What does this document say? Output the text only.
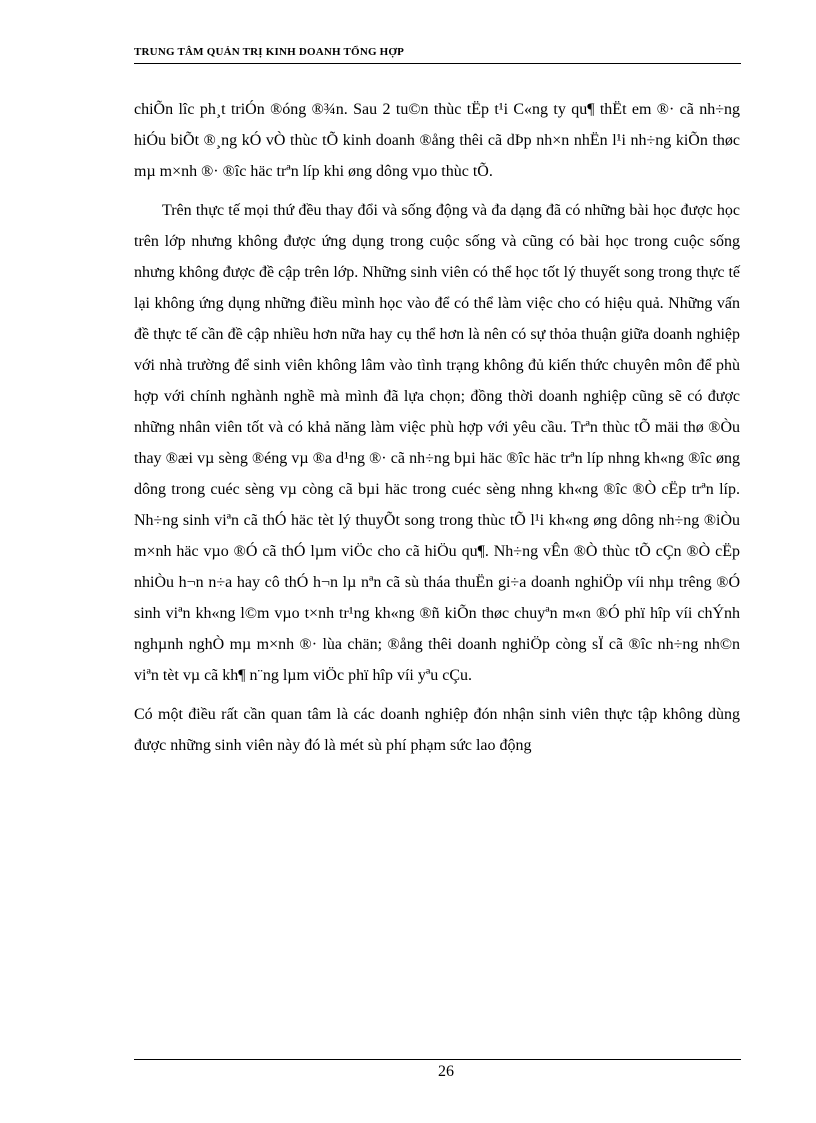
TRUNG TÂM QUẢN TRỊ KINH DOANH TỔNG HỢP

chiÕn lîc ph¸t triÓn ®óng ®¾n. Sau 2 tu©n thùc tËp t¹i C«ng ty qu¶ thËt em ®· cã nh÷ng hiÓu biÕt ®¸ng kÓ vÒ thùc tÕ kinh doanh ®ång thêi cã dÞp nh×n nhËn l¹i nh÷ng kiÕn thøc mµ m×nh ®· ®îc häc trªn líp khi øng dông vµo thùc tÕ.

Trên thực tế mọi thứ đều thay đổi và sống động và đa dạng đã có những bài học được học trên lớp nhưng không được ứng dụng trong cuộc sống và cũng có bài học trong cuộc sống nhưng không được đề cập trên lớp. Những sinh viên có thể học tốt lý thuyết song trong thực tế lại không ứng dụng những điều mình học vào để có thể làm việc cho có hiệu quả. Những vấn đề thực tế cần đề cập nhiều hơn nữa hay cụ thể hơn là nên có sự thỏa thuận giữa doanh nghiệp với nhà trường để sinh viên không lâm vào tình trạng không đủ kiến thức chuyên môn để phù hợp với chính nghành nghề mà mình đã lựa chọn; đồng thời doanh nghiệp cũng sẽ có được những nhân viên tốt và có khả năng làm việc phù hợp với yêu cầu. Trªn thùc tÕ mäi thø ®Òu thay ®æi vµ sèng ®éng vµ ®a d¹ng ®· cã nh÷ng bµi häc ®îc häc trªn líp nhng kh«ng ®îc øng dông trong cuéc sèng vµ còng cã bµi häc trong cuéc sèng nhng kh«ng ®îc ®Ò cËp trªn líp. Nh÷ng sinh viªn cã thÓ häc tèt lý thuyÕt song trong thùc tÕ l¹i kh«ng øng dông nh÷ng ®iÒu m×nh häc vµo ®Ó cã thÓ lµm viÖc cho cã hiÖu qu¶. Nh÷ng vÊn ®Ò thùc tÕ cÇn ®Ò cËp nhiÒu h¬n n÷a hay cô thÓ h¬n lµ nªn cã sù tháa thuËn gi÷a doanh nghiÖp víi nhµ trêng ®Ó sinh viªn kh«ng l©m vµo t×nh tr¹ng kh«ng ®ñ kiÕn thøc chuyªn m«n ®Ó phï hîp víi chÝnh nghµnh nghÒ mµ m×nh ®· lùa chän; ®ång thêi doanh nghiÖp còng sÏ cã ®îc nh÷ng nh©n viªn tèt vµ cã kh¶ n¨ng lµm viÖc phï hîp víi yªu cÇu.

Có một điều rất cần quan tâm là các doanh nghiệp đón nhận sinh viên thực tập không dùng được những sinh viên này đó là mét sù phí phạm sức lao động

26
